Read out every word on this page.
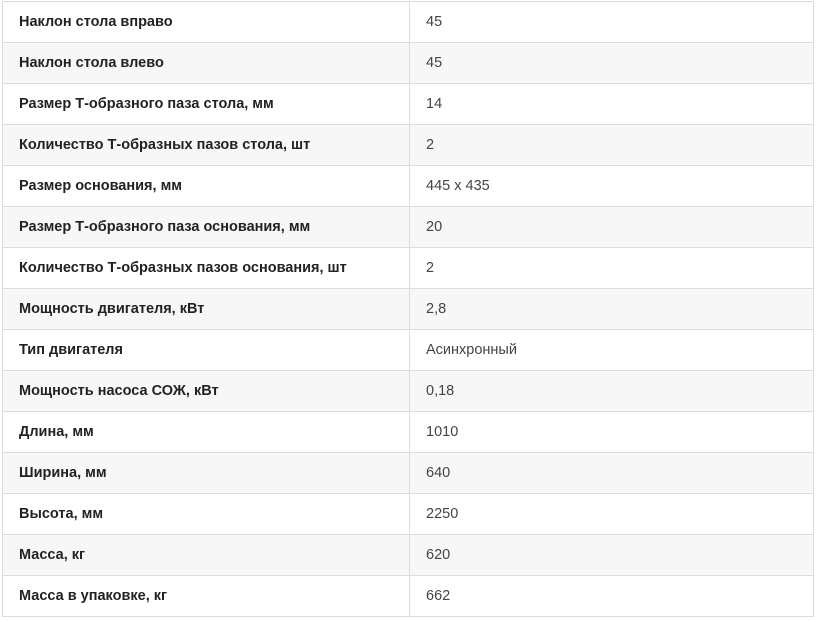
Наклон стола вправо	45
Наклон стола влево	45
Размер Т-образного паза стола, мм	14
Количество Т-образных пазов стола, шт	2
Размер основания, мм	445 x 435
Размер Т-образного паза основания, мм	20
Количество Т-образных пазов основания, шт	2
Мощность двигателя, кВт	2,8
Тип двигателя	Асинхронный
Мощность насоса СОЖ, кВт	0,18
Длина, мм	1010
Ширина, мм	640
Высота, мм	2250
Масса, кг	620
Масса в упаковке, кг	662
